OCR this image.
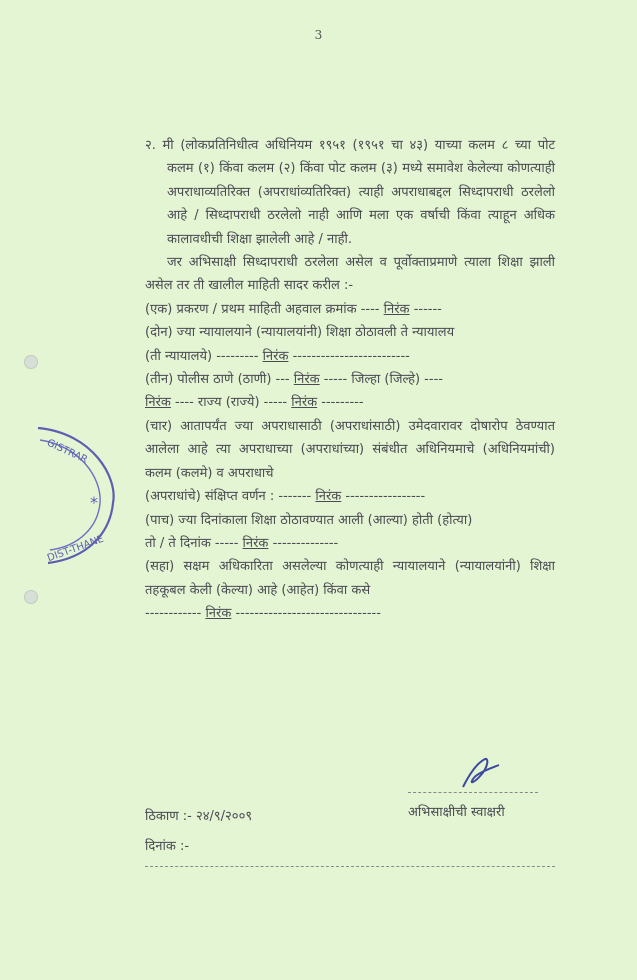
3
GISTRAR
DIST-THANE
*

२. मी (लोकप्रतिनिधीत्व अधिनियम १९५१ (१९५१ चा ४३) याच्या कलम ८ च्या पोट कलम (१) किंवा कलम (२) किंवा पोट कलम (३) मध्ये समावेश केलेल्या कोणत्याही अपराधाव्यतिरिक्त (अपराधांव्यतिरिक्त) त्याही अपराधाबद्दल सिध्दापराधी ठरलेलो आहे / सिध्दापराधी ठरलेलो नाही आणि मला एक वर्षाची किंवा त्याहून अधिक कालावधीची शिक्षा झालेली आहे / नाही.

जर अभिसाक्षी सिध्दापराधी ठरलेला असेल व पूर्वोक्ताप्रमाणे त्याला शिक्षा झाली असेल तर ती खालील माहिती सादर करील :-

(एक) प्रकरण / प्रथम माहिती अहवाल क्रमांक ---- निरंक ------

(दोन) ज्या न्यायालयाने (न्यायालयांनी) शिक्षा ठोठावली ते न्यायालय

(ती न्यायालये) --------- निरंक -------------------------

(तीन) पोलीस ठाणे (ठाणी) --- निरंक ----- जिल्हा (जिल्हे) ----

निरंक ---- राज्य (राज्ये) ----- निरंक ---------

(चार) आतापर्यंत ज्या अपराधासाठी (अपराधांसाठी) उमेदवारावर दोषारोप ठेवण्यात आलेला आहे त्या अपराधाच्या (अपराधांच्या) संबंधीत अधिनियमाचे (अधिनियमांची) कलम (कलमे) व अपराधाचे

(अपराधांचे) संक्षिप्त वर्णन : ------- निरंक -----------------

(पाच) ज्या दिनांकाला शिक्षा ठोठावण्यात आली (आल्या) होती (होत्या)

तो / ते दिनांक ----- निरंक --------------

(सहा) सक्षम अधिकारिता असलेल्या कोणत्याही न्यायालयाने (न्यायालयांनी) शिक्षा तहकूबल केली (केल्या) आहे (आहेत) किंवा कसे

------------ निरंक -------------------------------

अभिसाक्षीची स्वाक्षरी
ठिकाण :- २४/९/२००९
दिनांक :-
